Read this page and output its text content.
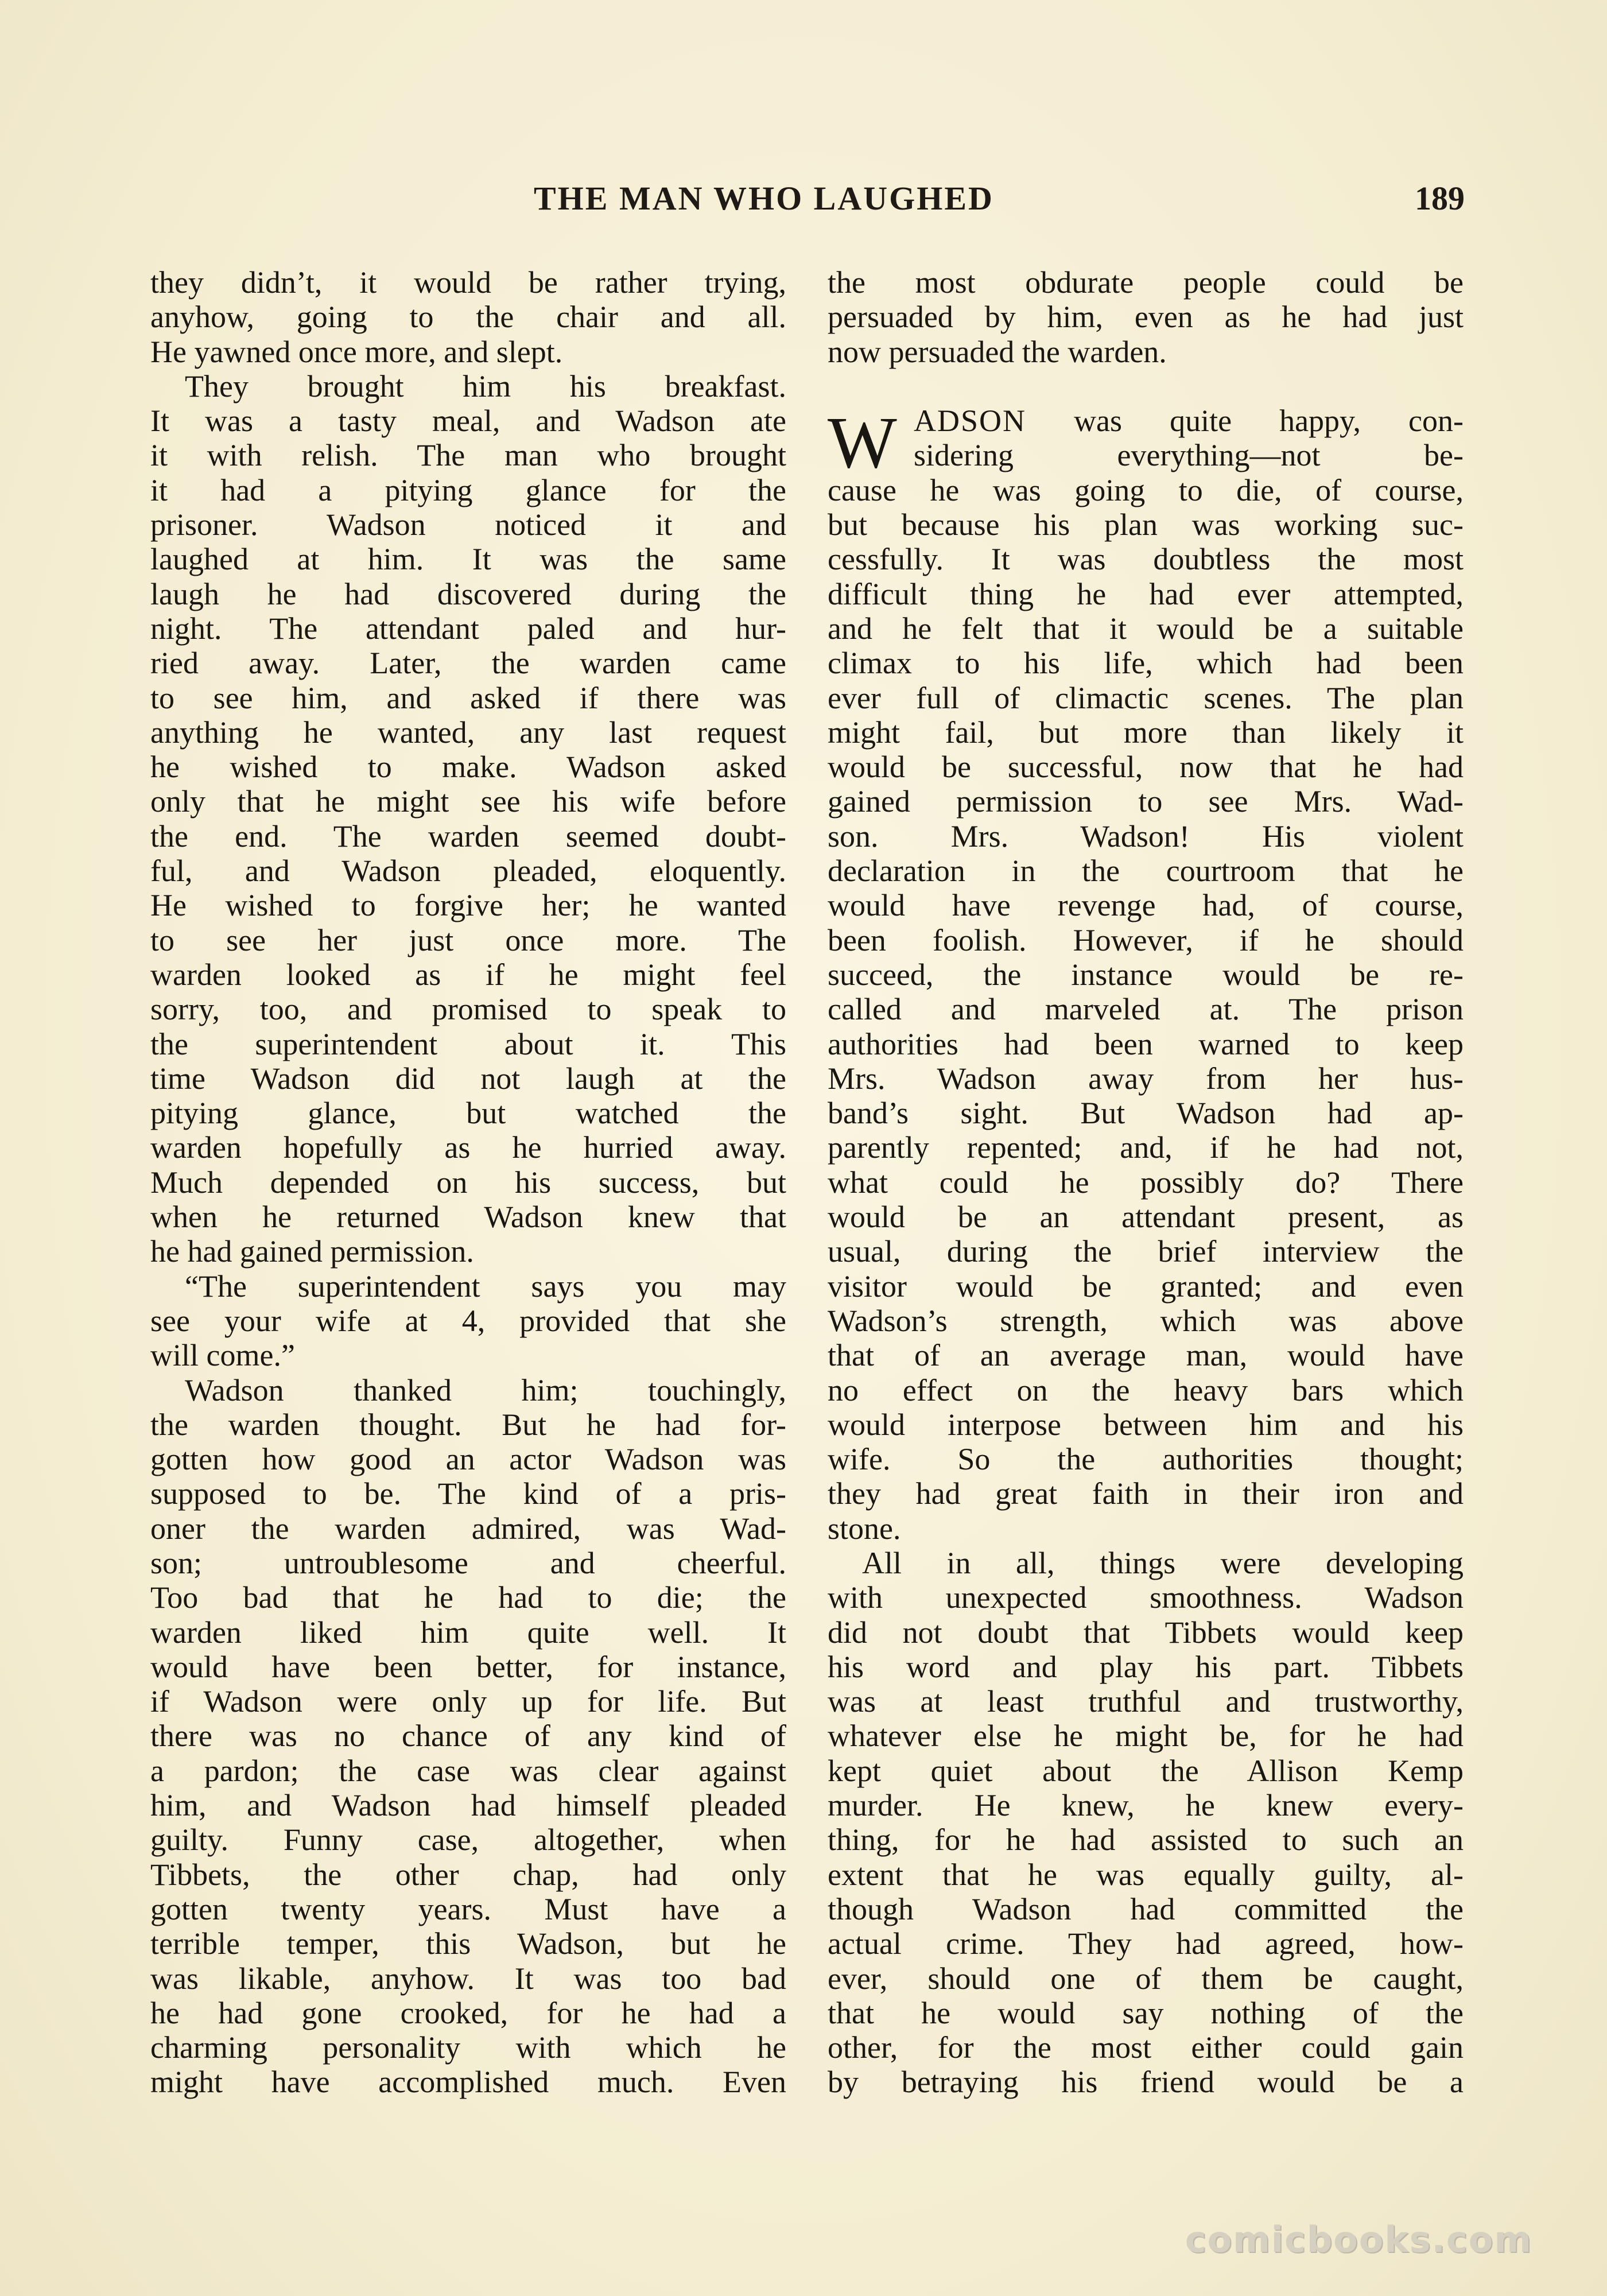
THE MAN WHO LAUGHED	189
they didn’t, it would be rather trying,
anyhow, going to the chair and all.
He yawned once more, and slept.
They brought him his breakfast.
It was a tasty meal, and Wadson ate
it with relish. The man who brought
it had a pitying glance for the
prisoner. Wadson noticed it and
laughed at him. It was the same
laugh he had discovered during the
night. The attendant paled and hur-
ried away. Later, the warden came
to see him, and asked if there was
anything he wanted, any last request
he wished to make. Wadson asked
only that he might see his wife before
the end. The warden seemed doubt-
ful, and Wadson pleaded, eloquently.
He wished to forgive her; he wanted
to see her just once more. The
warden looked as if he might feel
sorry, too, and promised to speak to
the superintendent about it. This
time Wadson did not laugh at the
pitying glance, but watched the
warden hopefully as he hurried away.
Much depended on his success, but
when he returned Wadson knew that
he had gained permission.
“The superintendent says you may
see your wife at 4, provided that she
will come.”
Wadson thanked him; touchingly,
the warden thought. But he had for-
gotten how good an actor Wadson was
supposed to be. The kind of a pris-
oner the warden admired, was Wad-
son; untroublesome and cheerful.
Too bad that he had to die; the
warden liked him quite well. It
would have been better, for instance,
if Wadson were only up for life. But
there was no chance of any kind of
a pardon; the case was clear against
him, and Wadson had himself pleaded
guilty. Funny case, altogether, when
Tibbets, the other chap, had only
gotten twenty years. Must have a
terrible temper, this Wadson, but he
was likable, anyhow. It was too bad
he had gone crooked, for he had a
charming personality with which he
might have accomplished much. Even
the most obdurate people could be
persuaded by him, even as he had just
now persuaded the warden.
W ADSON was quite happy, con-
sidering everything—not be-
cause he was going to die, of course,
but because his plan was working suc-
cessfully. It was doubtless the most
difficult thing he had ever attempted,
and he felt that it would be a suitable
climax to his life, which had been
ever full of climactic scenes. The plan
might fail, but more than likely it
would be successful, now that he had
gained permission to see Mrs. Wad-
son. Mrs. Wadson! His violent
declaration in the courtroom that he
would have revenge had, of course,
been foolish. However, if he should
succeed, the instance would be re-
called and marveled at. The prison
authorities had been warned to keep
Mrs. Wadson away from her hus-
band’s sight. But Wadson had ap-
parently repented; and, if he had not,
what could he possibly do? There
would be an attendant present, as
usual, during the brief interview the
visitor would be granted; and even
Wadson’s strength, which was above
that of an average man, would have
no effect on the heavy bars which
would interpose between him and his
wife. So the authorities thought;
they had great faith in their iron and
stone.
All in all, things were developing
with unexpected smoothness. Wadson
did not doubt that Tibbets would keep
his word and play his part. Tibbets
was at least truthful and trustworthy,
whatever else he might be, for he had
kept quiet about the Allison Kemp
murder. He knew, he knew every-
thing, for he had assisted to such an
extent that he was equally guilty, al-
though Wadson had committed the
actual crime. They had agreed, how-
ever, should one of them be caught,
that he would say nothing of the
other, for the most either could gain
by betraying his friend would be a
comicbooks.com
